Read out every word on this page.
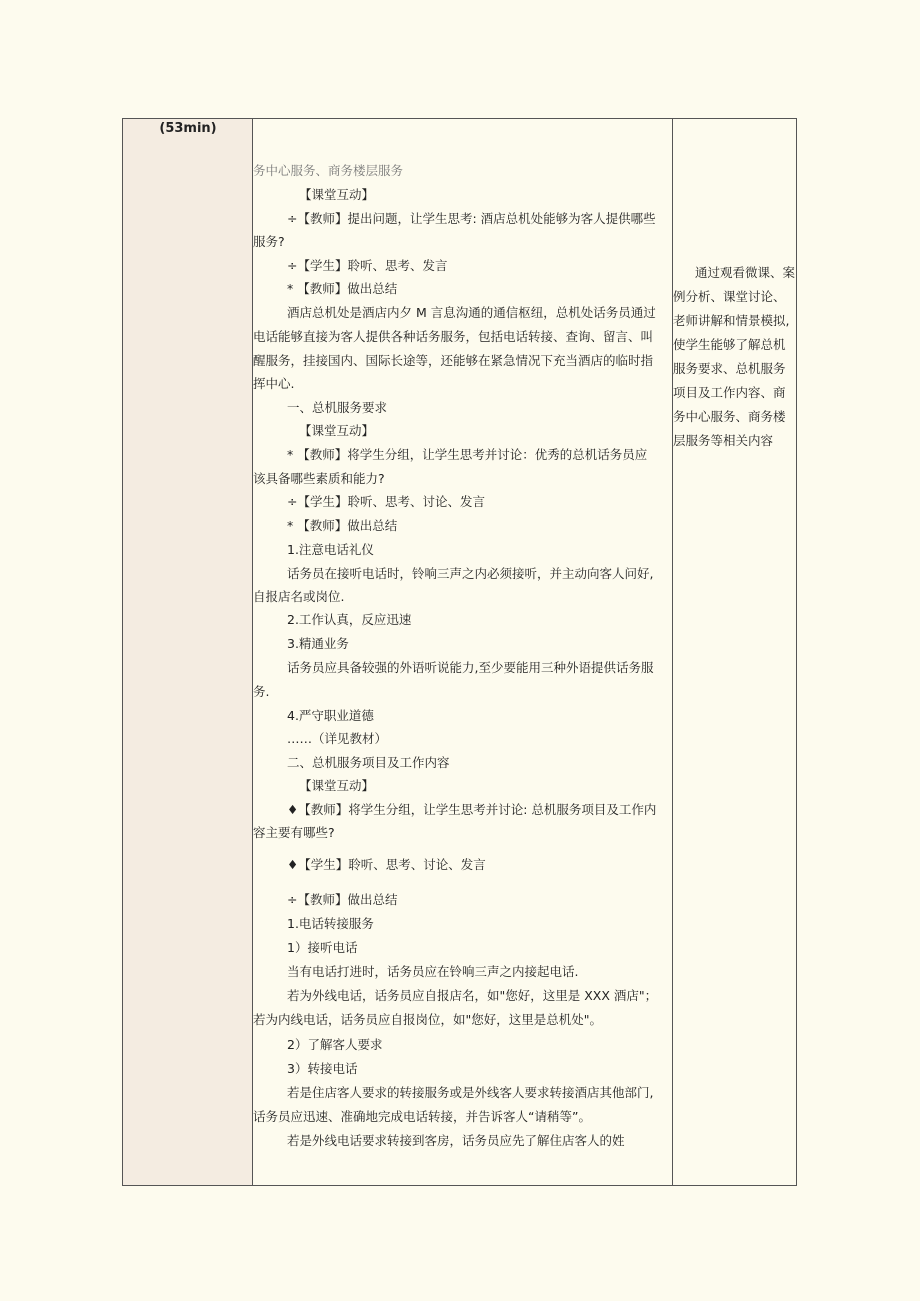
(53min)
务中心服务、商务楼层服务
【课堂互动】
÷【教师】提出问题，让学生思考: 酒店总机处能够为客人提供哪些
服务?
÷【学生】聆听、思考、发言
* 【教师】做出总结
酒店总机处是酒店内夕 M 言息沟通的通信枢纽，总机处话务员通过
电话能够直接为客人提供各种话务服务，包括电话转接、查询、留言、叫
醒服务，挂接国内、国际长途等，还能够在紧急情况下充当酒店的临时指
挥中心.
一、总机服务要求
【课堂互动】
* 【教师】将学生分组，让学生思考并讨论：优秀的总机话务员应
该具备哪些素质和能力?
÷【学生】聆听、思考、讨论、发言
* 【教师】做出总结
1.注意电话礼仪
话务员在接听电话时，铃响三声之内必须接听，并主动向客人问好,
自报店名或岗位.
2.工作认真，反应迅速
3.精通业务
话务员应具备较强的外语听说能力,至少要能用三种外语提供话务服
务.
4.严守职业道德
……（详见教材）
二、总机服务项目及工作内容
【课堂互动】
♦【教师】将学生分组，让学生思考并讨论: 总机服务项目及工作内
容主要有哪些?
♦【学生】聆听、思考、讨论、发言
÷【教师】做出总结
1.电话转接服务
1）接听电话
当有电话打进时，话务员应在铃响三声之内接起电话.
若为外线电话，话务员应自报店名，如"您好，这里是 XXX 酒店"；
若为内线电话，话务员应自报岗位，如"您好，这里是总机处"。
2）了解客人要求
3）转接电话
若是住店客人要求的转接服务或是外线客人要求转接酒店其他部门,
话务员应迅速、准确地完成电话转接，并告诉客人“请稍等”。
若是外线电话要求转接到客房，话务员应先了解住店客人的姓
通过观看微课、案
例分析、课堂讨论、
老师讲解和情景模拟,
使学生能够了解总机
服务要求、总机服务
项目及工作内容、商
务中心服务、商务楼
层服务等相关内容
